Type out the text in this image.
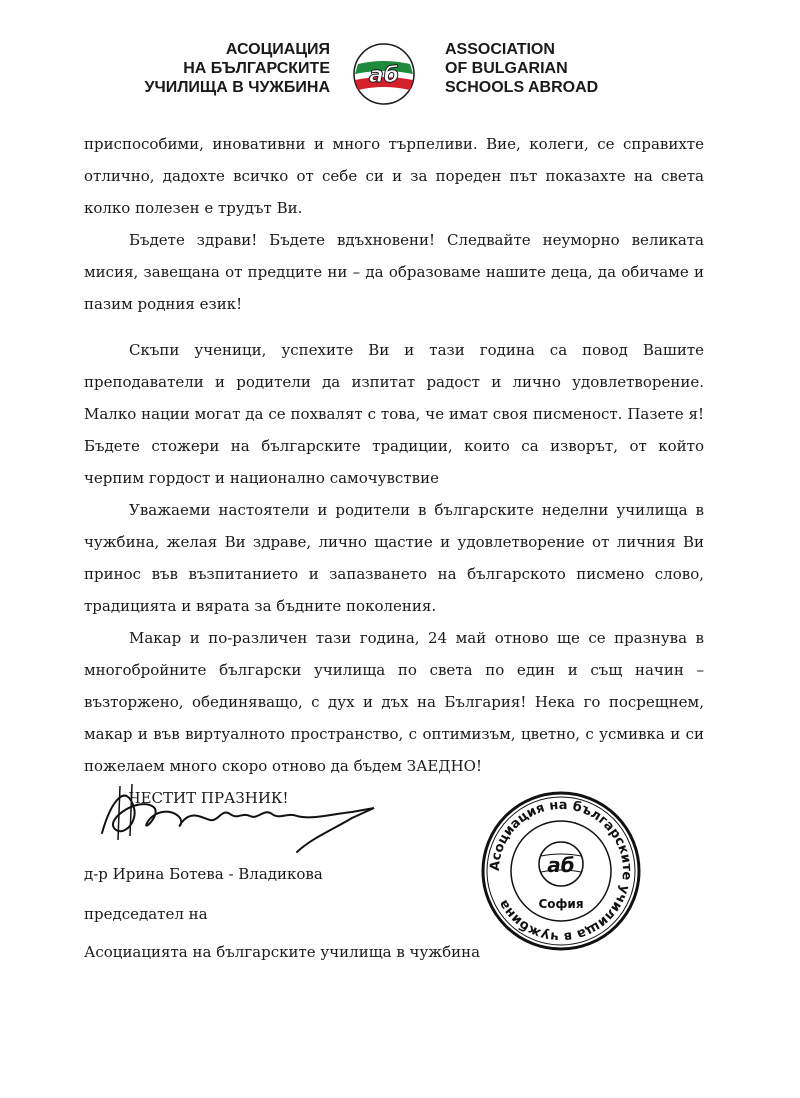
АСОЦИАЦИЯ
НА БЪЛГАРСКИТЕ
УЧИЛИЩА В ЧУЖБИНА аб
ASSOCIATION
OF BULGARIAN
SCHOOLS ABROAD

приспособими, иновативни и много търпеливи. Вие, колеги, се справихте отлично, дадохте всичко от себе си и за пореден път показахте на света колко полезен е трудът Ви.

Бъдете здрави! Бъдете вдъхновени! Следвайте неуморно великата мисия, завещана от предците ни – да образоваме нашите деца, да обичаме и пазим родния език!

Скъпи ученици, успехите Ви и тази година са повод Вашите преподаватели и родители да изпитат радост и лично удовлетворение. Малко нации могат да се похвалят с това, че имат своя писменост. Пазете я! Бъдете стожери на българските традиции, които са изворът, от който черпим гордост и национално самочувствие

Уважаеми настоятели и родители в българските неделни училища в чужбина, желая Ви здраве, лично щастие и удовлетворение от личния Ви принос във възпитанието и запазването на българското писмено слово, традицията и вярата за бъдните поколения.

Макар и по-различен тази година, 24 май отново ще се празнува в многобройните български училища по света по един и същ начин – възторжено, обединяващо, с дух и дъх на България! Нека го посрещнем, макар и във виртуалното пространство, с оптимизъм, цветно, с усмивка и си пожелаем много скоро отново да бъдем ЗАЕДНО!

ЧЕСТИТ ПРАЗНИК!

д-р Ирина Ботева - Владикова
председател на
Асоциацията на българските училища в чужбина
Асоциация на българските училища в чужбина
аб
София
